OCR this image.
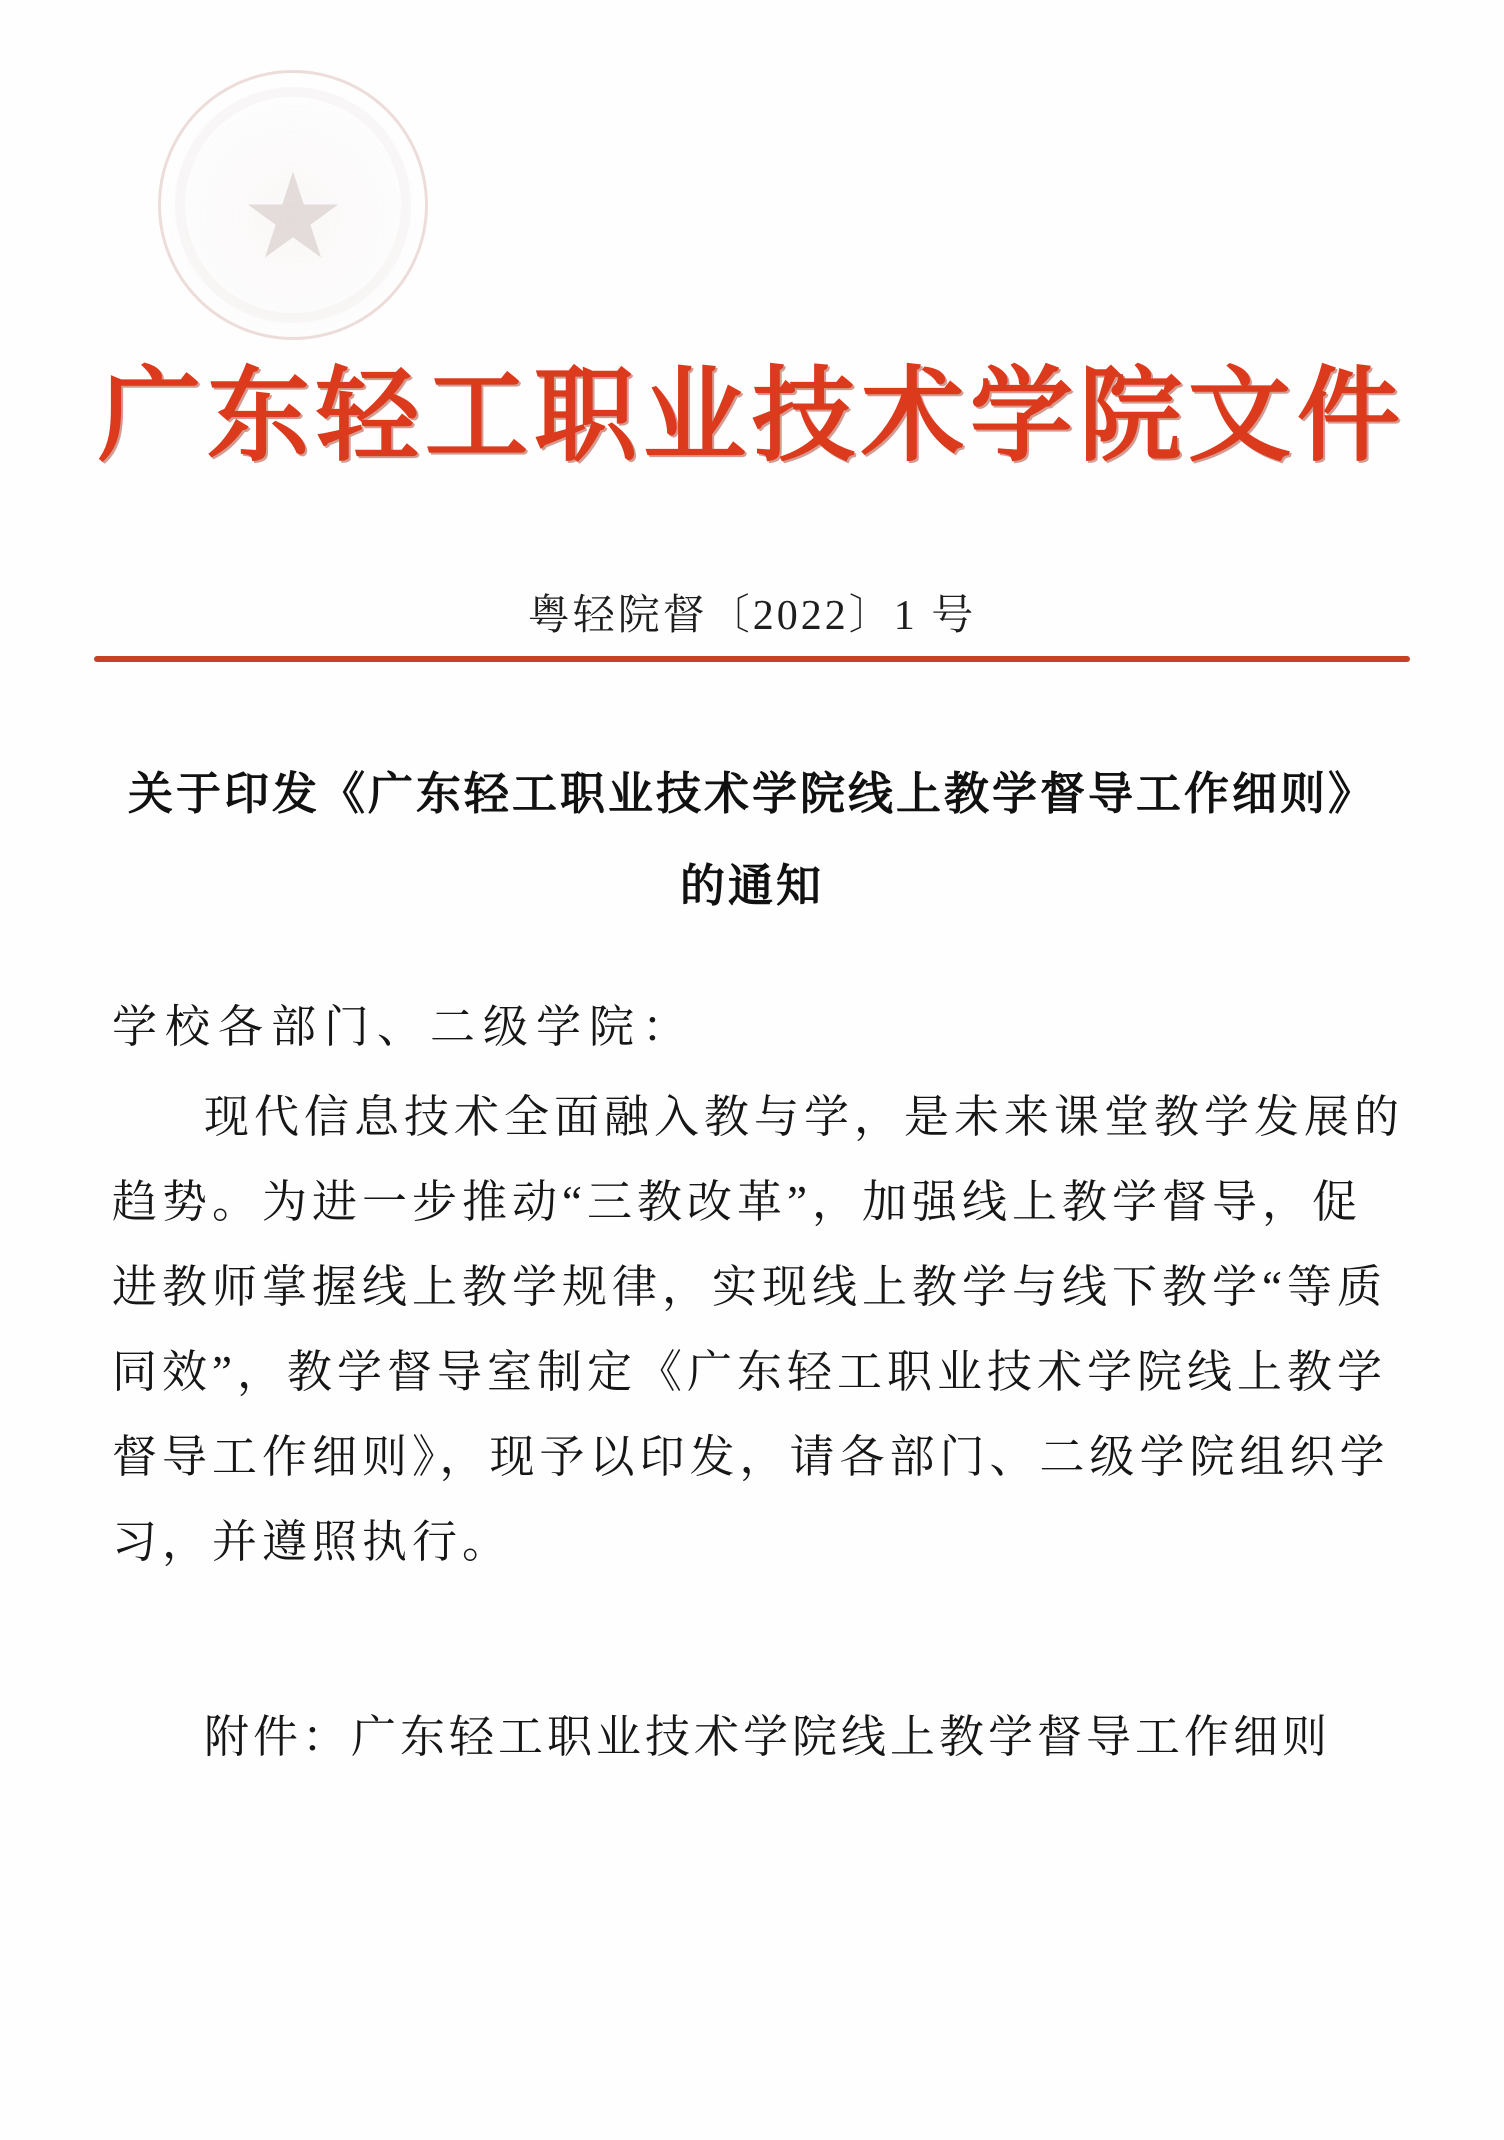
★
广东轻工职业技术学院文件
粤轻院督〔2022〕1 号
关于印发《广东轻工职业技术学院线上教学督导工作细则》
的通知
学校各部门、二级学院：
现代信息技术全面融入教与学，是未来课堂教学发展的
趋势。为进一步推动“三教改革”，加强线上教学督导，促
进教师掌握线上教学规律，实现线上教学与线下教学“等质
同效”，教学督导室制定《广东轻工职业技术学院线上教学
督导工作细则》，现予以印发，请各部门、二级学院组织学
习，并遵照执行。
附件：广东轻工职业技术学院线上教学督导工作细则
